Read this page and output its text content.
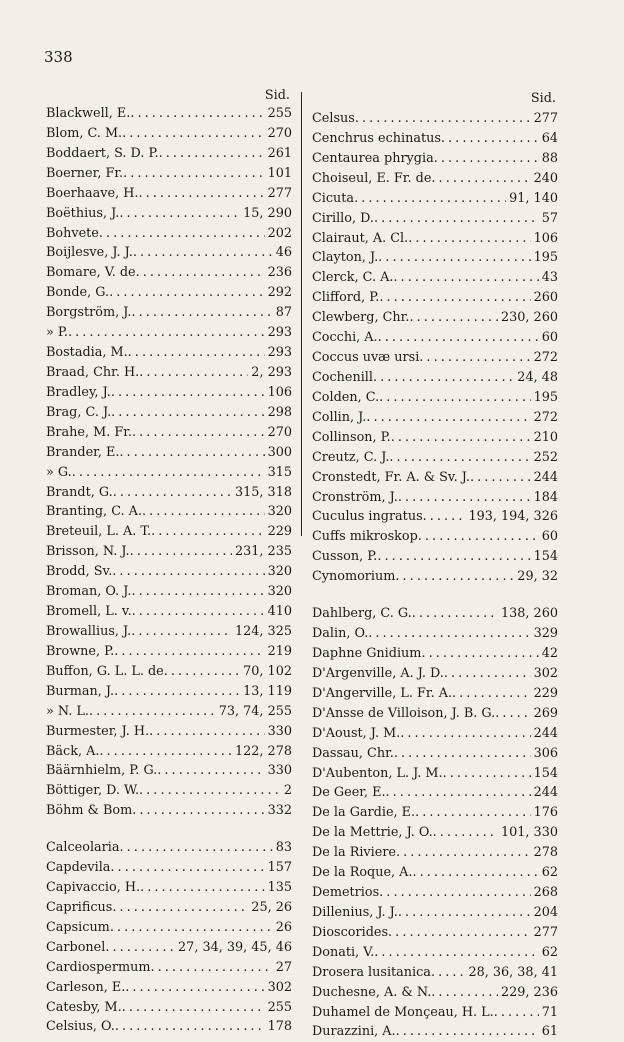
338
Sid.
Blackwell, E. . . .	255
Blom, C. M. . . .	270
Boddaert, S. D. P. . . .	261
Boerner, Fr. . . .	101
Boerhaave, H. . . .	277
Boëthius, J. . . .	15, 290
Bohvete . . .	202
Boijlesve, J. J. . . .	46
Bomare, V. de . . .	236
Bonde, G. . . .	292
Borgström, J. . . .	87
» P. . . .	293
Bostadia, M. . . .	293
Braad, Chr. H. . . .	2, 293
Bradley, J. . . .	106
Brag, C. J. . . .	298
Brahe, M. Fr. . . .	270
Brander, E. . . .	300
» G. . . .	315
Brandt, G. . . .	315, 318
Branting, C. A. . . .	320
Breteuil, L. A. T. . . .	229
Brisson, N. J. . . .	231, 235
Brodd, Sv. . . .	320
Broman, O. J. . . .	320
Bromell, L. v. . . .	410
Browallius, J. . . .	124, 325
Browne, P. . . .	219
Buffon, G. L. L. de . . .	70, 102
Burman, J. . . .	13, 119
» N. L. . . .	73, 74, 255
Burmester, J. H. . . .	330
Bäck, A. . . .	122, 278
Bäärnhielm, P. G. . . .	330
Böttiger, D. W. . . .	2
Böhm & Bom . . .	332
Calceolaria . . .	83
Capdevila . . .	157
Capivaccio, H. . . .	135
Caprificus . . .	25, 26
Capsicum . . .	26
Carbonel . . .	27, 34, 39, 45, 46
Cardiospermum . . .	27
Carleson, E. . . .	302
Catesby, M. . . .	255
Celsius, O. . . .	178
Sid.
Celsus . . .	277
Cenchrus echinatus . . .	64
Centaurea phrygia . . .	88
Choiseul, E. Fr. de . . .	240
Cicuta . . .	91, 140
Cirillo, D. . . .	57
Clairaut, A. Cl. . . .	106
Clayton, J. . . .	195
Clerck, C. A. . . .	43
Clifford, P. . . .	260
Clewberg, Chr. . . .	230, 260
Cocchi, A. . . .	60
Coccus uvæ ursi . . .	272
Cochenill . . .	24, 48
Colden, C. . . .	195
Collin, J. . . .	272
Collinson, P. . . .	210
Creutz, C. J. . . .	252
Cronstedt, Fr. A. & Sv. J. . . .	244
Cronström, J. . . .	184
Cuculus ingratus . . .	193, 194, 326
Cuffs mikroskop . . .	60
Cusson, P. . . .	154
Cynomorium . . .	29, 32
Dahlberg, C. G. . . .	138, 260
Dalin, O. . . .	329
Daphne Gnidium . . .	42
D'Argenville, A. J. D. . . .	302
D'Angerville, L. Fr. A. . . .	229
D'Ansse de Villoison, J. B. G. . . .	269
D'Aoust, J. M. . . .	244
Dassau, Chr. . . .	306
D'Aubenton, L. J. M. . . .	154
De Geer, E. . . .	244
De la Gardie, E. . . .	176
De la Mettrie, J. O. . . .	101, 330
De la Riviere . . .	278
De la Roque, A. . . .	62
Demetrios . . .	268
Dillenius, J. J. . . .	204
Dioscorides . . .	277
Donati, V. . . .	62
Drosera lusitanica . . .	28, 36, 38, 41
Duchesne, A. & N. . . .	229, 236
Duhamel de Monçeau, H. L. . . .	71
Durazzini, A. . . .	61
